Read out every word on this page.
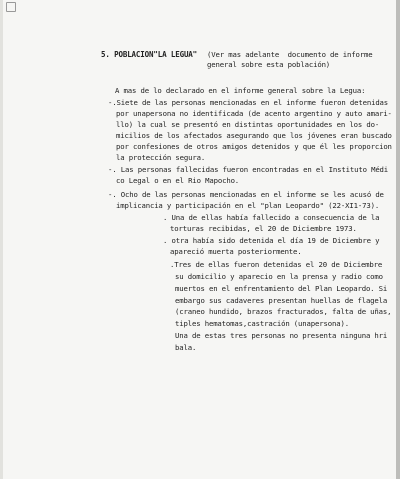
5. POBLACION"LA LEGUA" (Ver mas adelante  documento de informe
general sobre esta población)
A mas de lo declarado en el informe general sobre la Legua:
-.Siete de las personas mencionadas en el informe fueron detenidas
por unapersona no identificada (de acento argentino y auto amari-
llo) la cual se presentó en distintas oportunidades en los do-
micilios de los afectados asegurando que los jóvenes eran buscado
por confesiones de otros amigos detenidos y que él les proporcion
la protección segura.
-. Las personas fallecidas fueron encontradas en el Instituto Médi
co Legal o en el Rio Mapocho.
-. Ocho de las personas mencionadas en el informe se les acusó de
implicancia y participación en el "plan Leopardo" (22-XI1-73).
. Una de ellas había fallecido a consecuencia de la
torturas recibidas, el 20 de Diciembre 1973.
. otra había sido detenida el día 19 de Diciembre y
apareció muerta posteriormente.
.Tres de ellas fueron detenidas el 20 de Diciembre
su domicilio y aparecio en la prensa y radio como
muertos en el enfrentamiento del Plan Leopardo. Si
embargo sus cadaveres presentan huellas de flagela
(craneo hundido, brazos fracturados, falta de uñas,
tiples hematomas,castración (unapersona).
Una de estas tres personas no presenta ninguna hri
bala.
